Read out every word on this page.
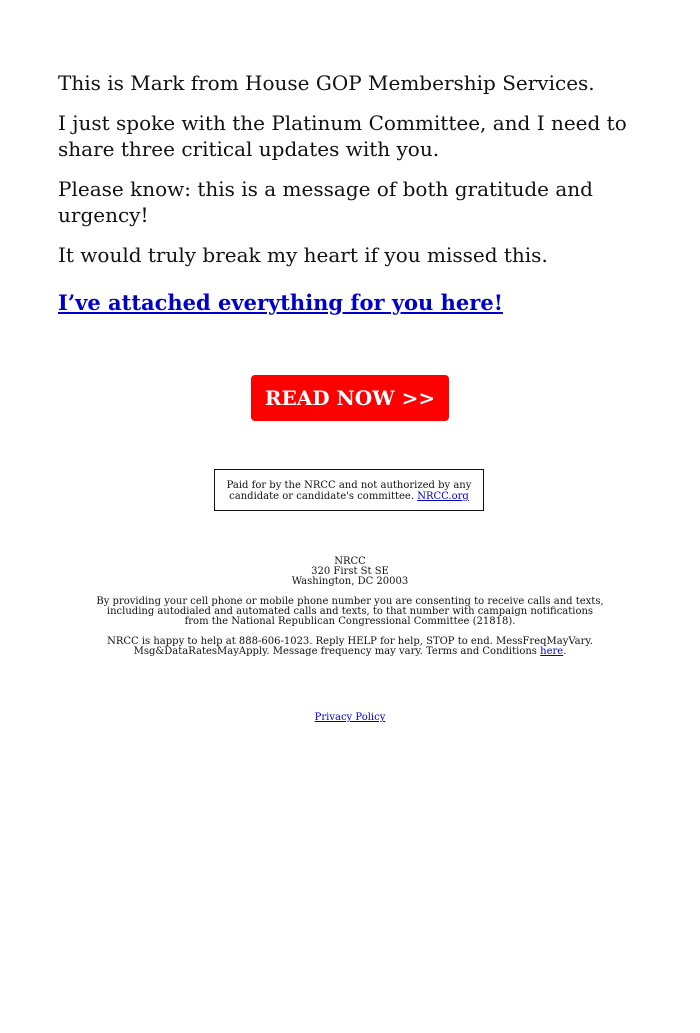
This is Mark from House GOP Membership Services.

I just spoke with the Platinum Committee, and I need to share three critical updates with you.

Please know: this is a message of both gratitude and urgency!

It would truly break my heart if you missed this.

I’ve attached everything for you here!
READ NOW >>
Paid for by the NRCC and not authorized by any candidate or candidate's committee. NRCC.org
NRCC
320 First St SE
Washington, DC 20003
By providing your cell phone or mobile phone number you are consenting to receive calls and texts, including autodialed and automated calls and texts, to that number with campaign notifications from the National Republican Congressional Committee (21818).
NRCC is happy to help at 888-606-1023. Reply HELP for help, STOP to end. MessFreqMayVary. Msg&DataRatesMayApply. Message frequency may vary. Terms and Conditions here.
Privacy Policy
